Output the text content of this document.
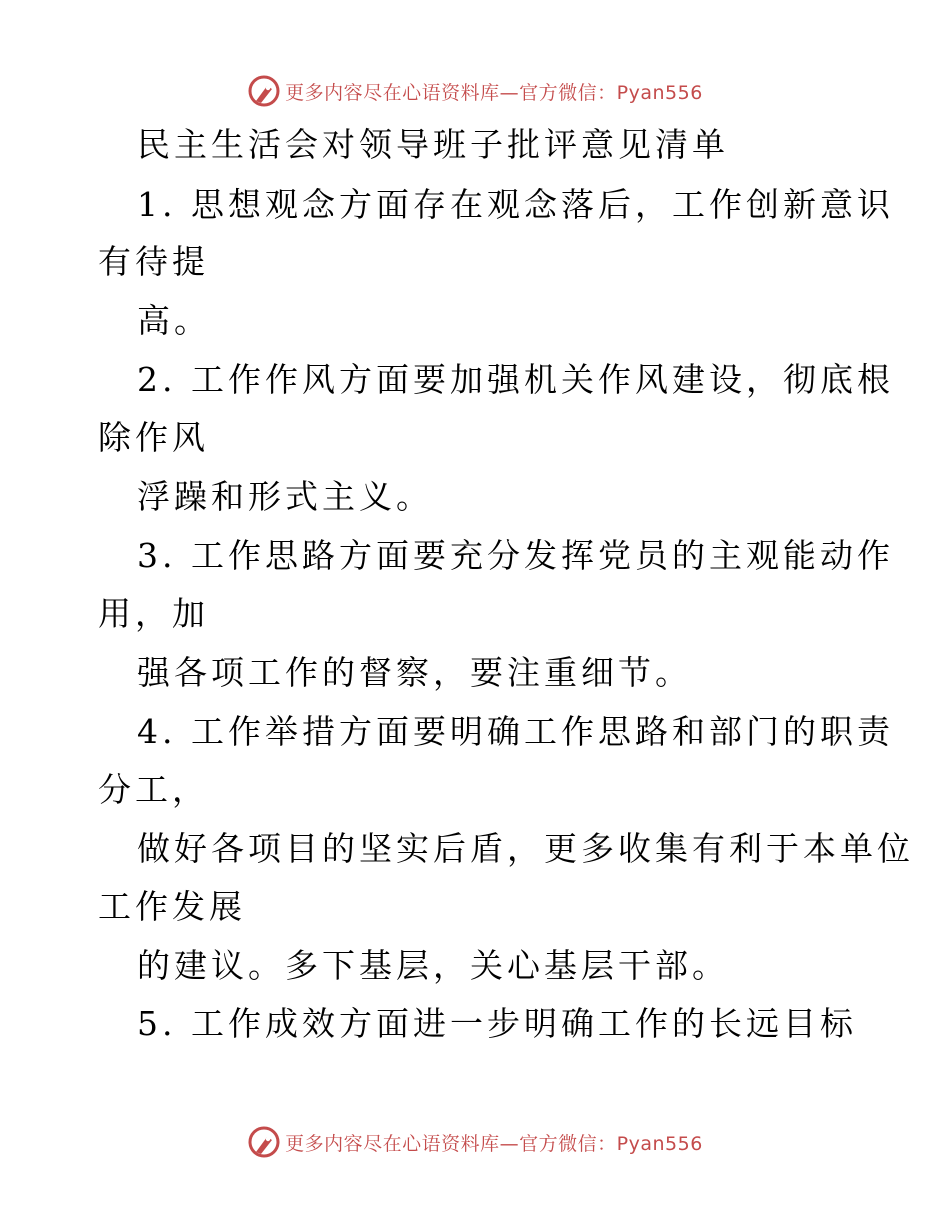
更多内容尽在心语资料库—官方微信：Pyan556
民主生活会对领导班子批评意见清单
1. 思想观念方面存在观念落后，工作创新意识
有待提
高。
2. 工作作风方面要加强机关作风建设，彻底根
除作风
浮躁和形式主义。
3. 工作思路方面要充分发挥党员的主观能动作
用，加
强各项工作的督察，要注重细节。
4. 工作举措方面要明确工作思路和部门的职责
分工，
做好各项目的坚实后盾，更多收集有利于本单位
工作发展
的建议。多下基层，关心基层干部。
5. 工作成效方面进一步明确工作的长远目标
更多内容尽在心语资料库—官方微信：Pyan556
